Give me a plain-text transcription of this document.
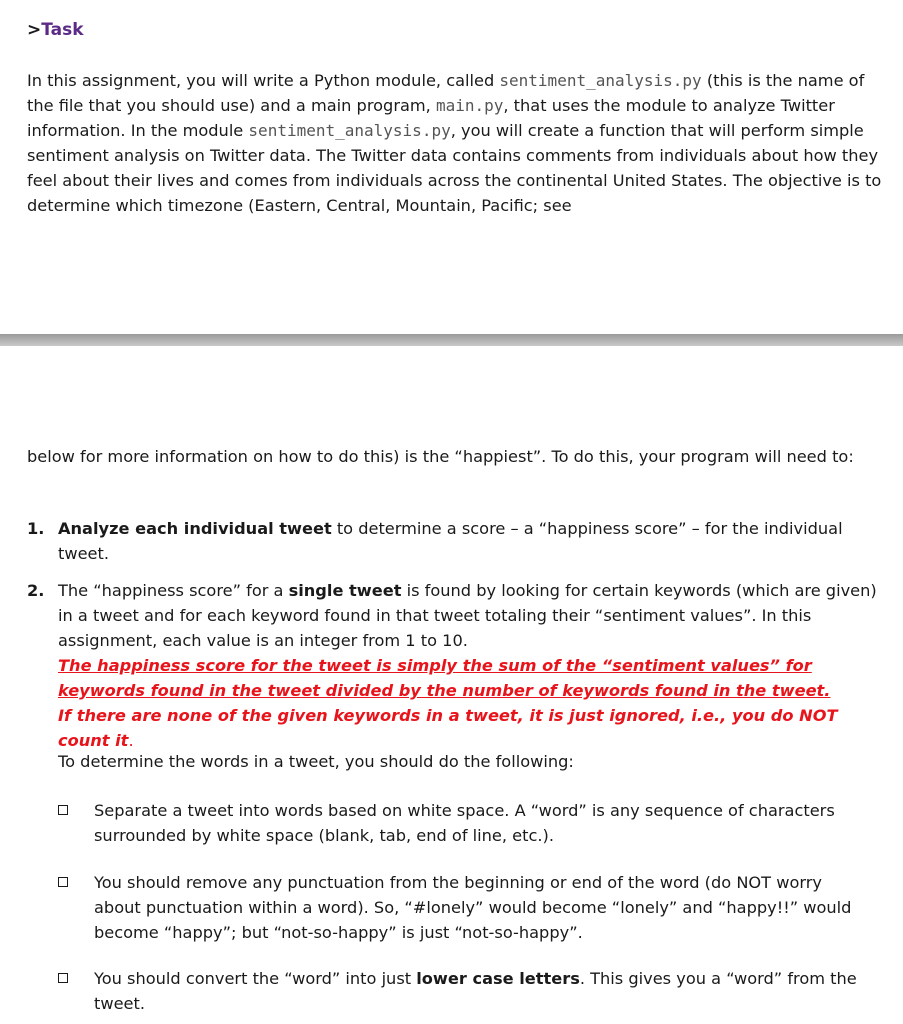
>Task
In this assignment, you will write a Python module, called sentiment_analysis.py (this is the name of the file that you should use) and a main program, main.py, that uses the module to analyze Twitter information. In the module sentiment_analysis.py, you will create a function that will perform simple sentiment analysis on Twitter data. The Twitter data contains comments from individuals about how they feel about their lives and comes from individuals across the continental United States. The objective is to determine which timezone (Eastern, Central, Mountain, Pacific; see
below for more information on how to do this) is the “happiest”. To do this, your program will need to:
1. Analyze each individual tweet to determine a score – a “happiness score” – for the individual tweet.
2. The “happiness score” for a single tweet is found by looking for certain keywords (which are given) in a tweet and for each keyword found in that tweet totaling their “sentiment values”. In this assignment, each value is an integer from 1 to 10.
The happiness score for the tweet is simply the sum of the “sentiment values” for keywords found in the tweet divided by the number of keywords found in the tweet.
If there are none of the given keywords in a tweet, it is just ignored, i.e., you do NOT count it.
To determine the words in a tweet, you should do the following:
Separate a tweet into words based on white space. A “word” is any sequence of characters surrounded by white space (blank, tab, end of line, etc.).
You should remove any punctuation from the beginning or end of the word (do NOT worry about punctuation within a word). So, “#lonely” would become “lonely” and “happy!!” would become “happy”; but “not-so-happy” is just “not-so-happy”.
You should convert the “word” into just lower case letters. This gives you a “word” from the tweet.
